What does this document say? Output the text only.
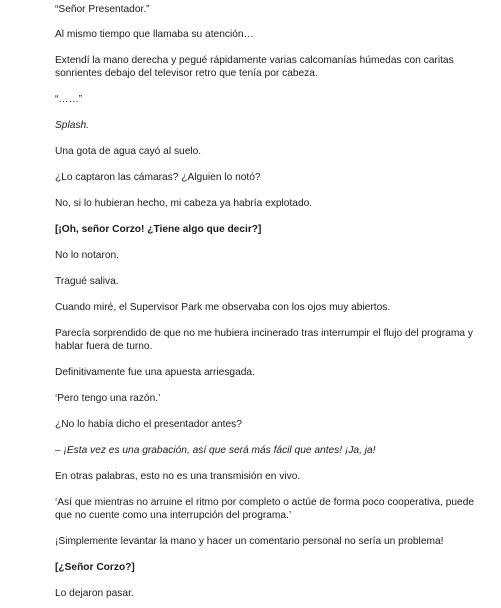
“Señor Presentador.”

Al mismo tiempo que llamaba su atención…

Extendí la mano derecha y pegué rápidamente varias calcomanías húmedas con caritas sonrientes debajo del televisor retro que tenía por cabeza.

“……”

Splash.

Una gota de agua cayó al suelo.

¿Lo captaron las cámaras? ¿Alguien lo notó?

No, si lo hubieran hecho, mi cabeza ya habría explotado.

[¡Oh, señor Corzo! ¿Tiene algo que decir?]

No lo notaron.

Tragué saliva.

Cuando miré, el Supervisor Park me observaba con los ojos muy abiertos.

Parecía sorprendido de que no me hubiera incinerado tras interrumpir el flujo del programa y hablar fuera de turno.

Definitivamente fue una apuesta arriesgada.

‘Pero tengo una razón.’

¿No lo había dicho el presentador antes?

– ¡Esta vez es una grabación, así que será más fácil que antes! ¡Ja, ja!

En otras palabras, esto no es una transmisión en vivo.

‘Así que mientras no arruine el ritmo por completo o actúe de forma poco cooperativa, puede que no cuente como una interrupción del programa.’

¡Simplemente levantar la mano y hacer un comentario personal no sería un problema!

[¿Señor Corzo?]

Lo dejaron pasar.
